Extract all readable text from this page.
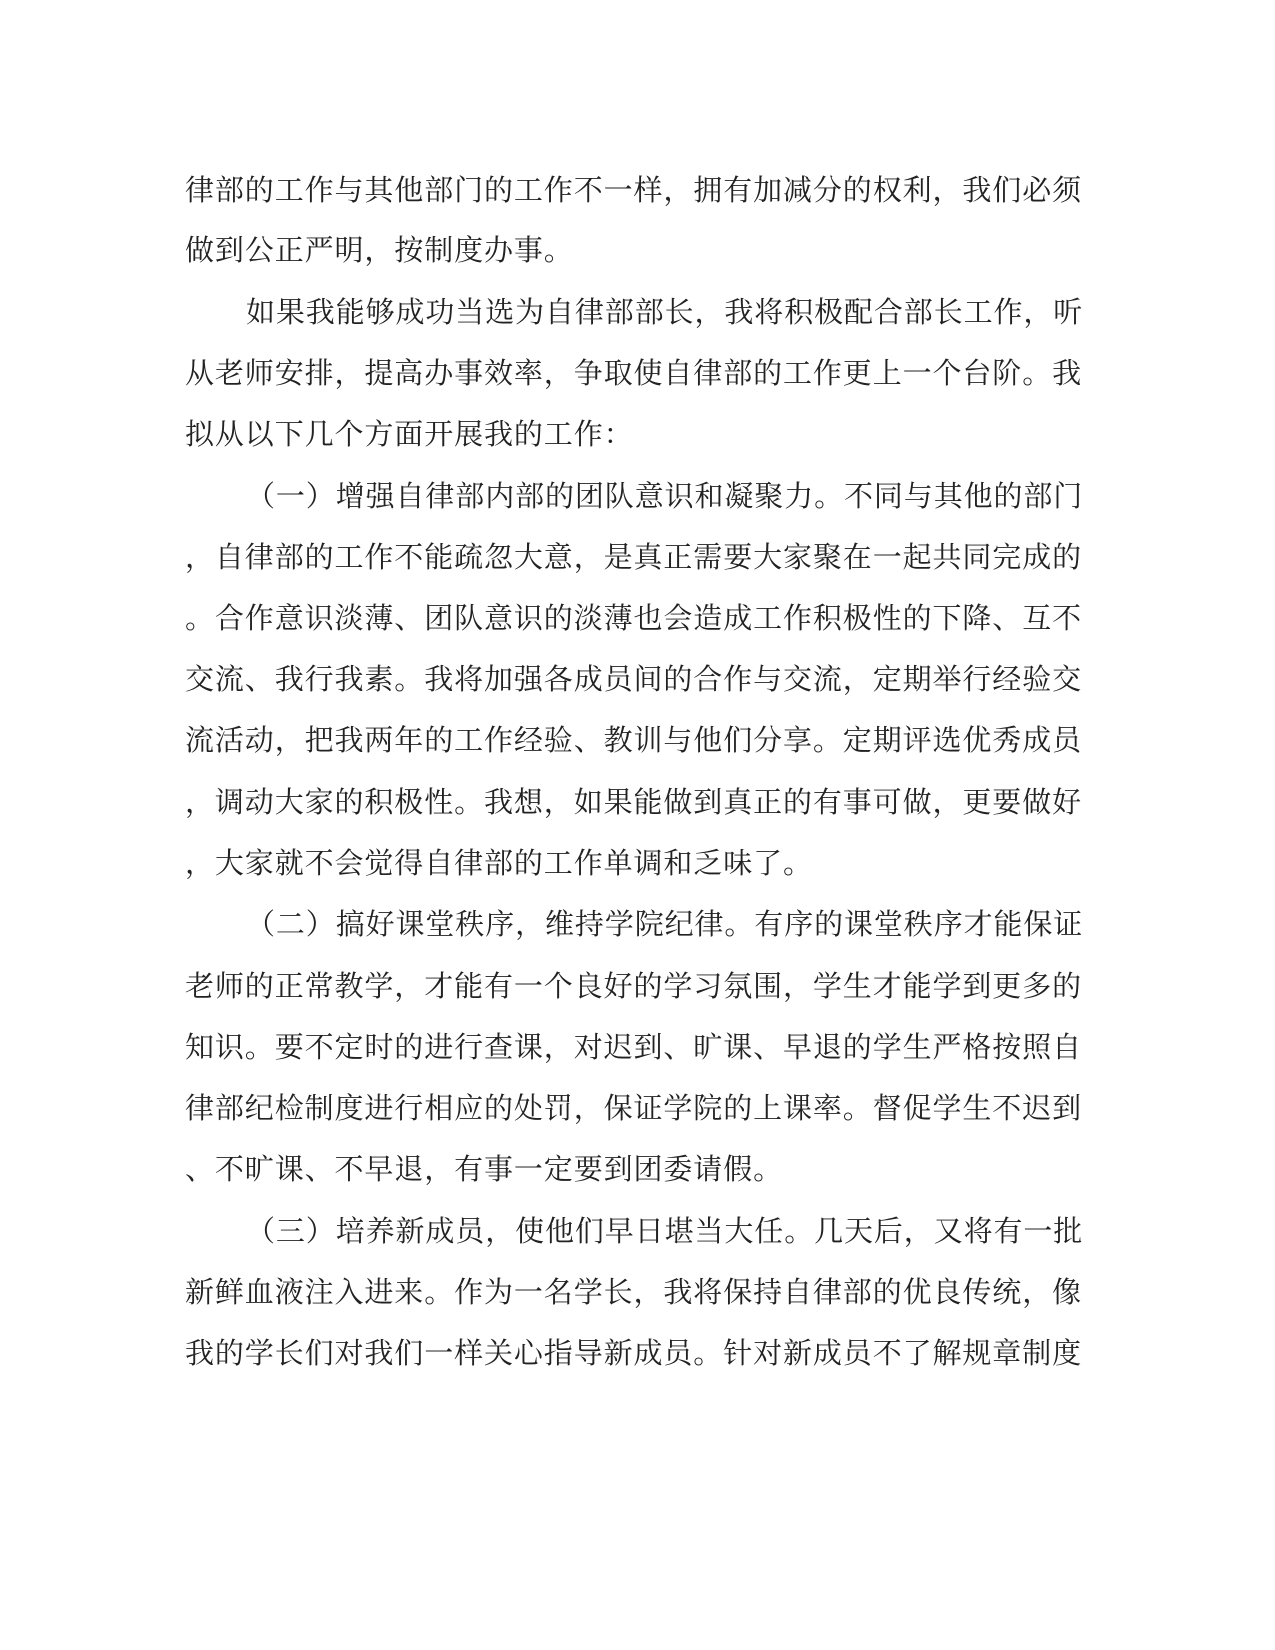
律部的工作与其他部门的工作不一样，拥有加减分的权利，我们必须
做到公正严明，按制度办事。
如果我能够成功当选为自律部部长，我将积极配合部长工作，听
从老师安排，提高办事效率，争取使自律部的工作更上一个台阶。我
拟从以下几个方面开展我的工作：
（一）增强自律部内部的团队意识和凝聚力。不同与其他的部门
，自律部的工作不能疏忽大意，是真正需要大家聚在一起共同完成的
。合作意识淡薄、团队意识的淡薄也会造成工作积极性的下降、互不
交流、我行我素。我将加强各成员间的合作与交流，定期举行经验交
流活动，把我两年的工作经验、教训与他们分享。定期评选优秀成员
，调动大家的积极性。我想，如果能做到真正的有事可做，更要做好
，大家就不会觉得自律部的工作单调和乏味了。
（二）搞好课堂秩序，维持学院纪律。有序的课堂秩序才能保证
老师的正常教学，才能有一个良好的学习氛围，学生才能学到更多的
知识。要不定时的进行查课，对迟到、旷课、早退的学生严格按照自
律部纪检制度进行相应的处罚，保证学院的上课率。督促学生不迟到
、不旷课、不早退，有事一定要到团委请假。
（三）培养新成员，使他们早日堪当大任。几天后，又将有一批
新鲜血液注入进来。作为一名学长，我将保持自律部的优良传统，像
我的学长们对我们一样关心指导新成员。针对新成员不了解规章制度
